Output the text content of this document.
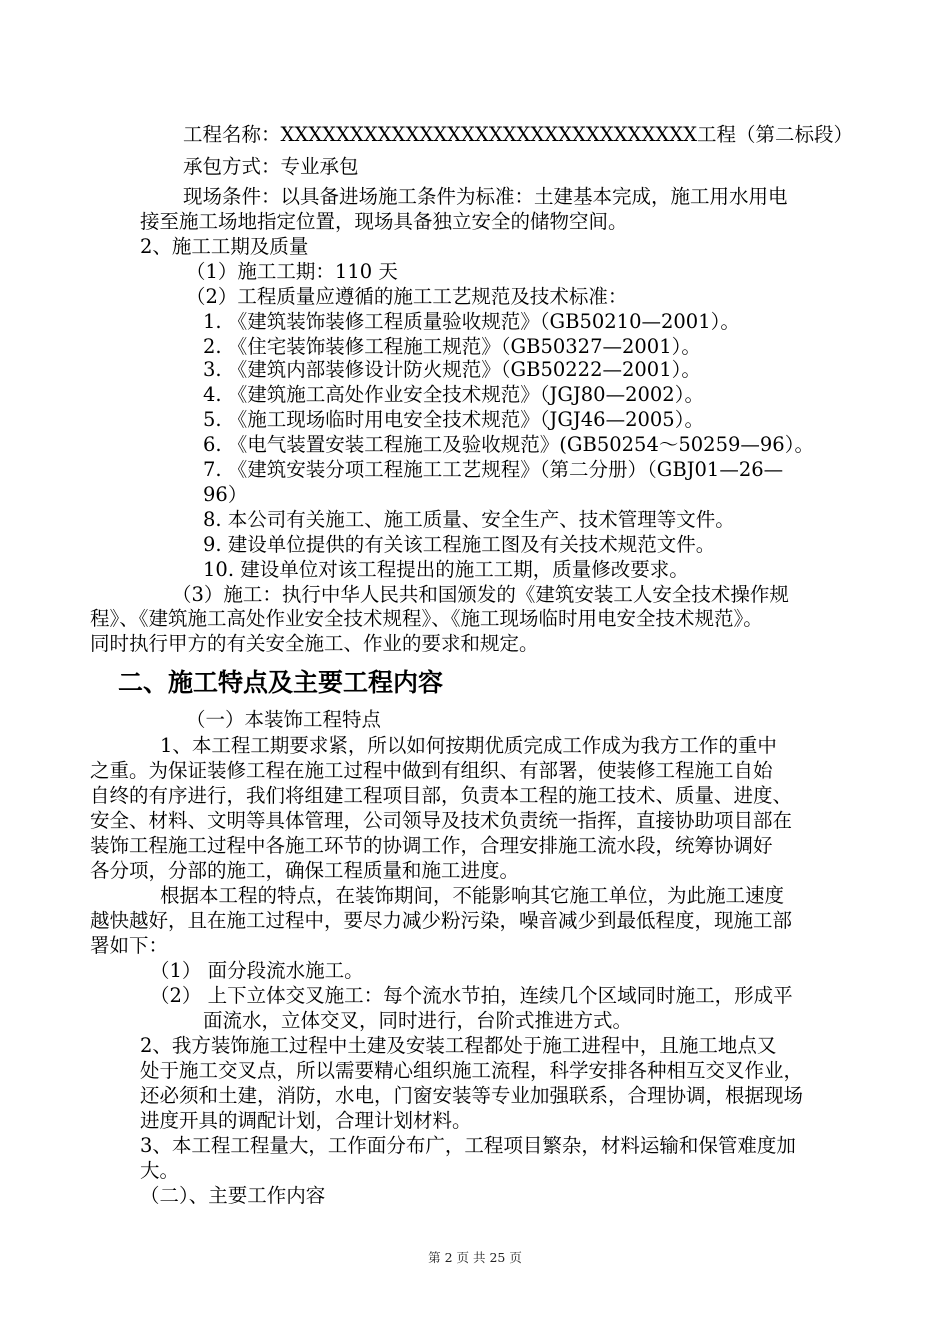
工程名称：XXXXXXXXXXXXXXXXXXXXXXXXXXXXXX工程（第二标段）
承包方式：专业承包
现场条件：以具备进场施工条件为标准：土建基本完成，施工用水用电
接至施工场地指定位置，现场具备独立安全的储物空间。
2、施工工期及质量
（1）施工工期：110 天
（2）工程质量应遵循的施工工艺规范及技术标准：
1. 《建筑装饰装修工程质量验收规范》（GB50210—2001）。
2. 《住宅装饰装修工程施工规范》（GB50327—2001）。
3. 《建筑内部装修设计防火规范》（GB50222—2001）。
4. 《建筑施工高处作业安全技术规范》（JGJ80—2002）。
5. 《施工现场临时用电安全技术规范》（JGJ46—2005）。
6. 《电气装置安装工程施工及验收规范》(GB50254～50259—96）。
7. 《建筑安装分项工程施工工艺规程》（第二分册）（GBJ01—26—
96）
8. 本公司有关施工、施工质量、安全生产、技术管理等文件。
9. 建设单位提供的有关该工程施工图及有关技术规范文件。
10. 建设单位对该工程提出的施工工期，质量修改要求。
（3）施工：执行中华人民共和国颁发的《建筑安装工人安全技术操作规
程》、《建筑施工高处作业安全技术规程》、《施工现场临时用电安全技术规范》。
同时执行甲方的有关安全施工、作业的要求和规定。
二、施工特点及主要工程内容
（一）本装饰工程特点
1、本工程工期要求紧，所以如何按期优质完成工作成为我方工作的重中
之重。为保证装修工程在施工过程中做到有组织、有部署，使装修工程施工自始
自终的有序进行，我们将组建工程项目部，负责本工程的施工技术、质量、进度、
安全、材料、文明等具体管理，公司领导及技术负责统一指挥，直接协助项目部在
装饰工程施工过程中各施工环节的协调工作，合理安排施工流水段，统筹协调好
各分项，分部的施工，确保工程质量和施工进度。
根据本工程的特点，在装饰期间，不能影响其它施工单位，为此施工速度
越快越好，且在施工过程中，要尽力减少粉污染，噪音减少到最低程度，现施工部
署如下：
（1） 面分段流水施工。
（2） 上下立体交叉施工：每个流水节拍，连续几个区域同时施工，形成平
面流水，立体交叉，同时进行，台阶式推进方式。
2、我方装饰施工过程中土建及安装工程都处于施工进程中，且施工地点又
处于施工交叉点，所以需要精心组织施工流程，科学安排各种相互交叉作业，
还必须和土建，消防，水电，门窗安装等专业加强联系，合理协调，根据现场
进度开具的调配计划，合理计划材料。
3、本工程工程量大，工作面分布广，工程项目繁杂，材料运输和保管难度加
大。
（二）、主要工作内容
第 2 页 共 25 页
